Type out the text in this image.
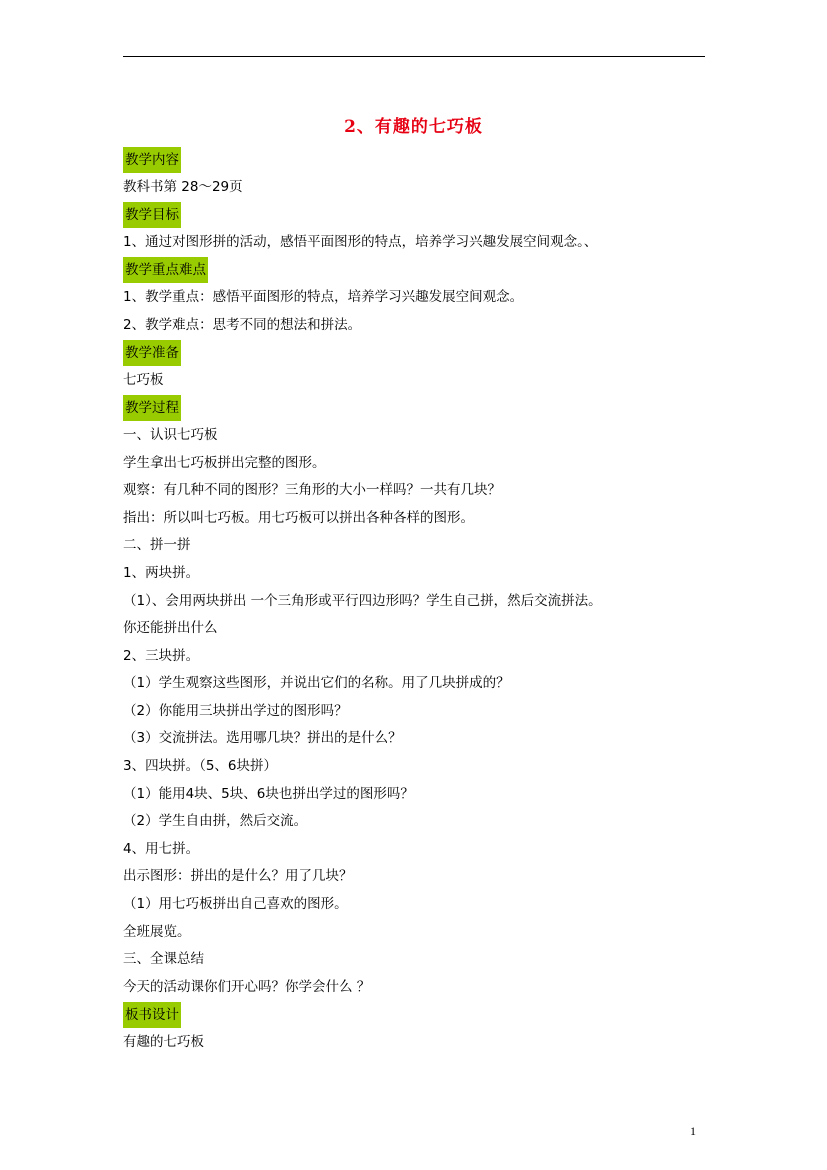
2、有趣的七巧板
教学内容
教科书第 28～29页
教学目标
1、通过对图形拼的活动，感悟平面图形的特点，培养学习兴趣发展空间观念。、
教学重点难点
1、教学重点：感悟平面图形的特点，培养学习兴趣发展空间观念。
2、教学难点：思考不同的想法和拼法。
教学准备
七巧板
教学过程
一、认识七巧板
学生拿出七巧板拼出完整的图形。
观察：有几种不同的图形？三角形的大小一样吗？一共有几块？
指出：所以叫七巧板。用七巧板可以拼出各种各样的图形。
二、拼一拼
1、两块拼。
（1）、会用两块拼出 一个三角形或平行四边形吗？学生自己拼，然后交流拼法。
你还能拼出什么
2、三块拼。
（1）学生观察这些图形，并说出它们的名称。用了几块拼成的？
（2）你能用三块拼出学过的图形吗？
（3）交流拼法。选用哪几块？拼出的是什么？
3、四块拼。（5、6块拼）
（1）能用4块、5块、6块也拼出学过的图形吗？
（2）学生自由拼，然后交流。
4、用七拼。
出示图形：拼出的是什么？用了几块？
（1）用七巧板拼出自己喜欢的图形。
全班展览。
三、全课总结
今天的活动课你们开心吗？你学会什么 ？
板书设计
有趣的七巧板
1
